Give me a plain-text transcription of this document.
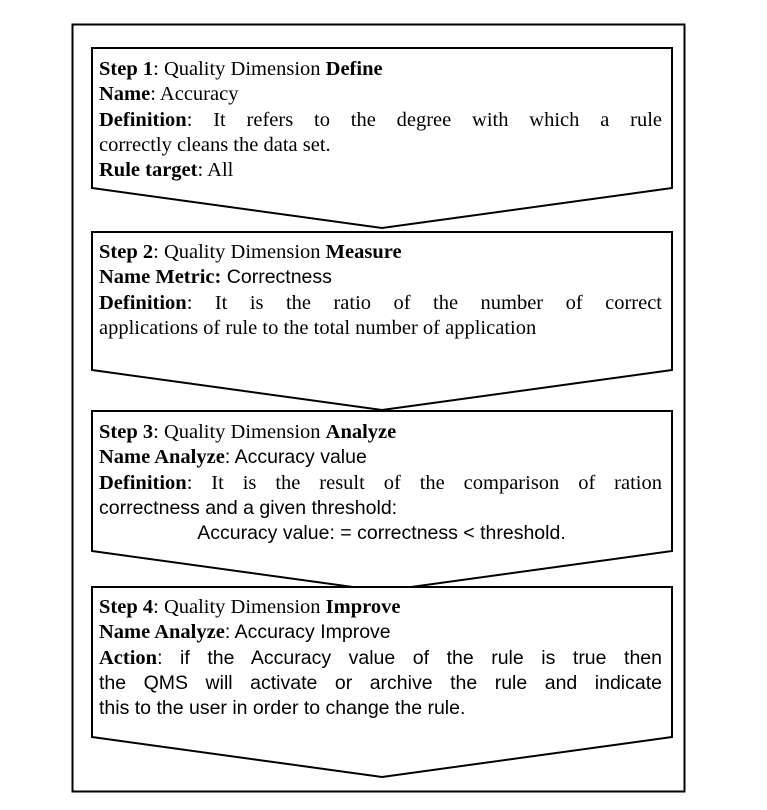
Step 1: Quality Dimension Define
Name: Accuracy
Definition: It refers to the degree with which a rule
correctly cleans the data set.
Rule target: All
Step 2: Quality Dimension Measure
Name Metric: Correctness
Definition: It is the ratio of the number of correct
applications of rule to the total number of application
Step 3: Quality Dimension Analyze
Name Analyze: Accuracy value
Definition: It is the result of the comparison of ration
correctness and a given threshold:
Accuracy value: = correctness < threshold.
Step 4: Quality Dimension Improve
Name Analyze: Accuracy Improve
Action: if the Accuracy value of the rule is true then
the QMS will activate or archive the rule and indicate
this to the user in order to change the rule.
